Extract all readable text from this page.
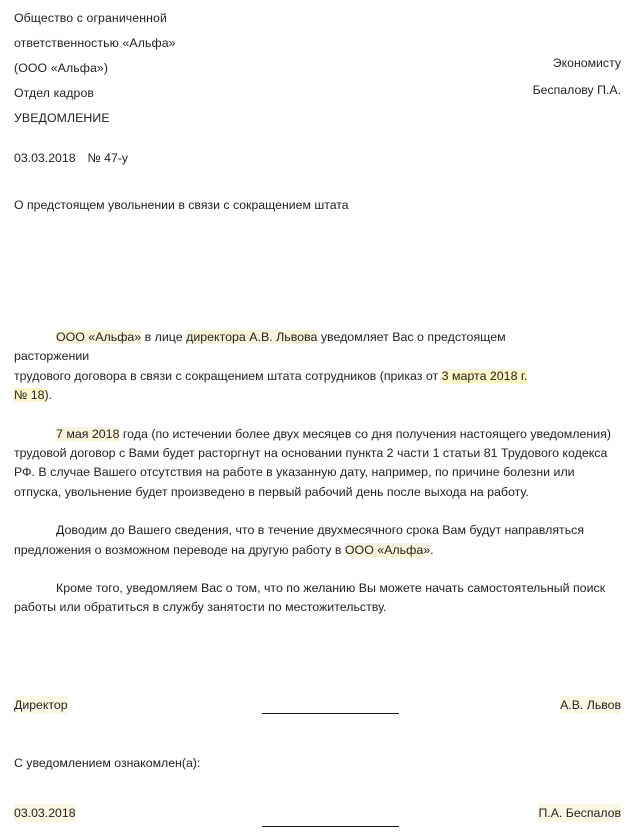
Общество с ограниченной
ответственностью «Альфа»
(ООО «Альфа»)
Отдел кадров
УВЕДОМЛЕНИЕ
Экономисту
Беспалову П.А.
03.03.2018 № 47-у
О предстоящем увольнении в связи с сокращением штата

ООО «Альфа» в лице директора А.В. Львова уведомляет Вас о предстоящем расторжении
трудового договора в связи с сокращением штата сотрудников (приказ от 3 марта 2018 г. № 18).

7 мая 2018 года (по истечении более двух месяцев со дня получения настоящего уведомления) трудовой договор с Вами будет расторгнут на основании пункта 2 части 1 статьи 81 Трудового кодекса РФ. В случае Вашего отсутствия на работе в указанную дату, например, по причине болезни или отпуска, увольнение будет произведено в первый рабочий день после выхода на работу.

Доводим до Вашего сведения, что в течение двухмесячного срока Вам будут направляться предложения о возможном переводе на другую работу в ООО «Альфа».

Кроме того, уведомляем Вас о том, что по желанию Вы можете начать самостоятельный поиск работы или обратиться в службу занятости по местожительству.

Директор	А.В. Львов
С уведомлением ознакомлен(а):
03.03.2018	П.А. Беспалов
